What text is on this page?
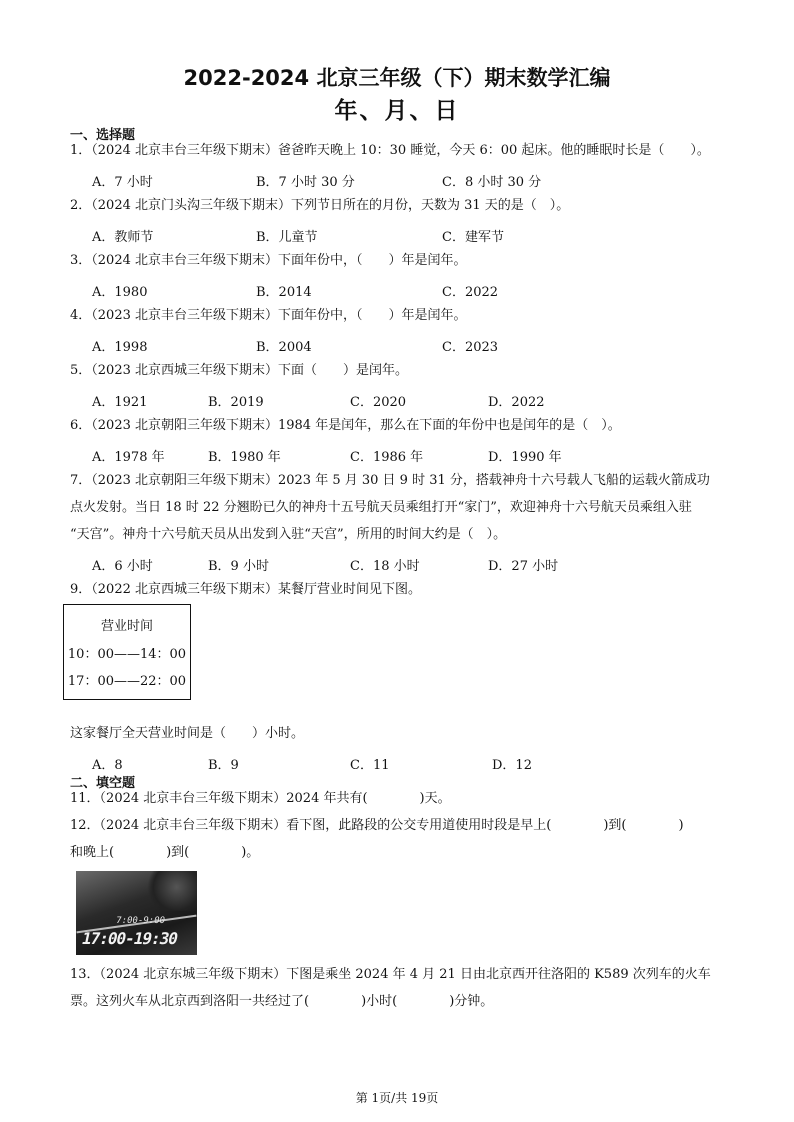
2022-2024 北京三年级（下）期末数学汇编
年、月、日
一、选择题
1．（2024 北京丰台三年级下期末）爸爸昨天晚上 10：30 睡觉，今天 6：00 起床。他的睡眠时长是（　　）。
A．7 小时	B．7 小时 30 分	C．8 小时 30 分
2．（2024 北京门头沟三年级下期末）下列节日所在的月份，天数为 31 天的是（　）。
A．教师节	B．儿童节	C．建军节
3．（2024 北京丰台三年级下期末）下面年份中，（　　）年是闰年。
A．1980	B．2014	C．2022
4．（2023 北京丰台三年级下期末）下面年份中，（　　）年是闰年。
A．1998	B．2004	C．2023
5．（2023 北京西城三年级下期末）下面（　　）是闰年。
A．1921	B．2019	C．2020	D．2022
6．（2023 北京朝阳三年级下期末）1984 年是闰年，那么在下面的年份中也是闰年的是（　）。
A．1978 年	B．1980 年	C．1986 年	D．1990 年
7．（2023 北京朝阳三年级下期末）2023 年 5 月 30 日 9 时 31 分，搭载神舟十六号载人飞船的运载火箭成功
点火发射。当日 18 时 22 分翘盼已久的神舟十五号航天员乘组打开“家门”，欢迎神舟十六号航天员乘组入驻
“天宫”。神舟十六号航天员从出发到入驻“天宫”，所用的时间大约是（　）。
A．6 小时	B．9 小时	C．18 小时	D．27 小时
9．（2022 北京西城三年级下期末）某餐厅营业时间见下图。
营业时间
10：00——14：00
17：00——22：00
这家餐厅全天营业时间是（　　）小时。
A．8	B．9	C．11	D．12
二、填空题
11．（2024 北京丰台三年级下期末）2024 年共有(　　　　)天。
12．（2024 北京丰台三年级下期末）看下图，此路段的公交专用道使用时段是早上(　　　　)到(　　　　)
和晚上(　　　　)到(　　　　)。
7:00-9:00
17:00-19:30
13．（2024 北京东城三年级下期末）下图是乘坐 2024 年 4 月 21 日由北京西开往洛阳的 K589 次列车的火车
票。这列火车从北京西到洛阳一共经过了(　　　　)小时(　　　　)分钟。
第 1页/共 19页
